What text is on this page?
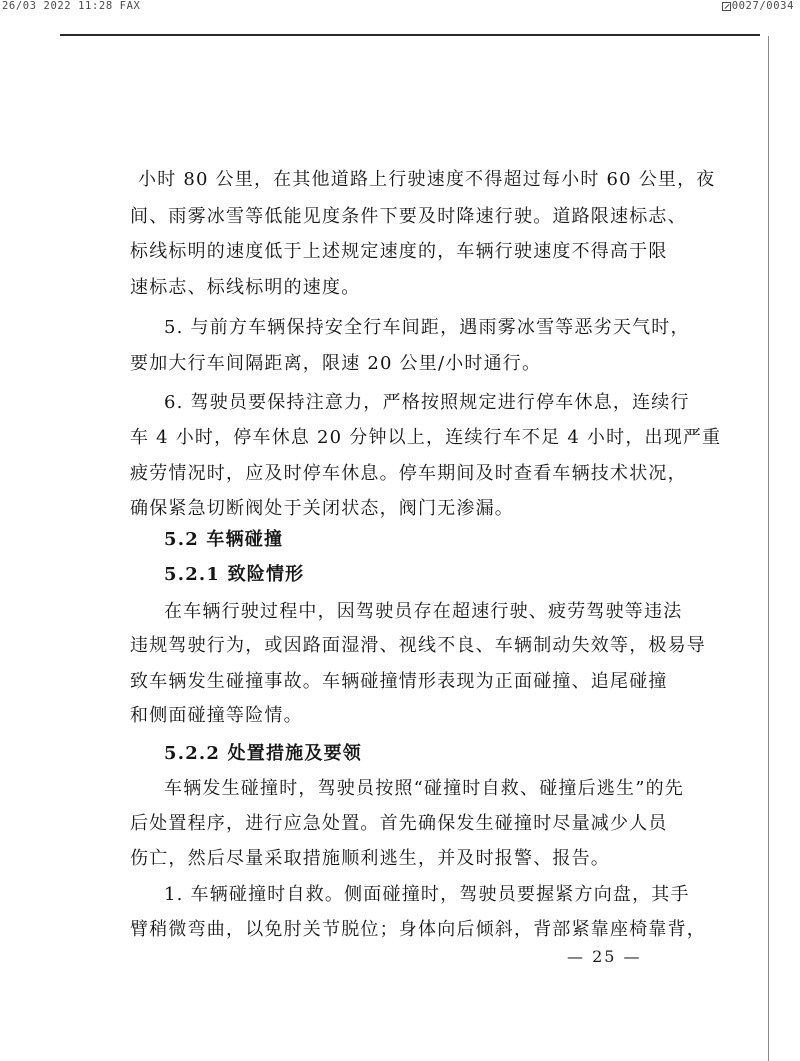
26/03 2022 11:28 FAX	0027/0034
小时 80 公里，在其他道路上行驶速度不得超过每小时 60 公里，夜
间、雨雾冰雪等低能见度条件下要及时降速行驶。道路限速标志、
标线标明的速度低于上述规定速度的，车辆行驶速度不得高于限
速标志、标线标明的速度。
5. 与前方车辆保持安全行车间距，遇雨雾冰雪等恶劣天气时，
要加大行车间隔距离，限速 20 公里/小时通行。
6. 驾驶员要保持注意力，严格按照规定进行停车休息，连续行
车 4 小时，停车休息 20 分钟以上，连续行车不足 4 小时，出现严重
疲劳情况时，应及时停车休息。停车期间及时查看车辆技术状况，
确保紧急切断阀处于关闭状态，阀门无渗漏。
5.2 车辆碰撞
5.2.1 致险情形
在车辆行驶过程中，因驾驶员存在超速行驶、疲劳驾驶等违法
违规驾驶行为，或因路面湿滑、视线不良、车辆制动失效等，极易导
致车辆发生碰撞事故。车辆碰撞情形表现为正面碰撞、追尾碰撞
和侧面碰撞等险情。
5.2.2 处置措施及要领
车辆发生碰撞时，驾驶员按照“碰撞时自救、碰撞后逃生”的先
后处置程序，进行应急处置。首先确保发生碰撞时尽量减少人员
伤亡，然后尽量采取措施顺利逃生，并及时报警、报告。
1. 车辆碰撞时自救。侧面碰撞时，驾驶员要握紧方向盘，其手
臂稍微弯曲，以免肘关节脱位；身体向后倾斜，背部紧靠座椅靠背，
— 25 —
